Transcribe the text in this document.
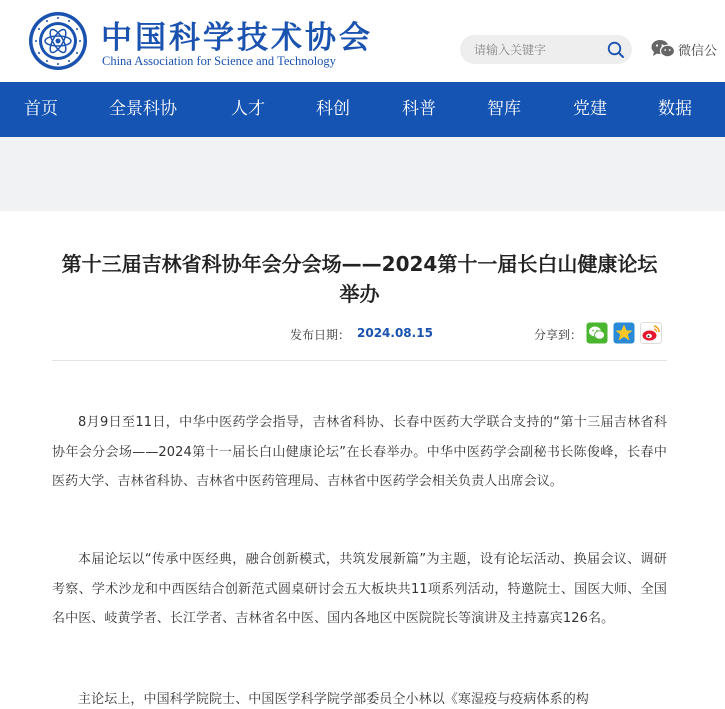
中国科学技术协会
China Association for Science and Technology
请输入关键字
微信公
首页	全景科协	人才	科创	科普	智库	党建	数据
第十三届吉林省科协年会分会场——2024第十一届长白山健康论坛举办
发布日期： 2024.08.15	分享到：

8月9日至11日，中华中医药学会指导，吉林省科协、长春中医药大学联合支持的“第十三届吉林省科协年会分会场——2024第十一届长白山健康论坛”在长春举办。中华中医药学会副秘书长陈俊峰，长春中医药大学、吉林省科协、吉林省中医药管理局、吉林省中医药学会相关负责人出席会议。

本届论坛以“传承中医经典，融合创新模式，共筑发展新篇”为主题，设有论坛活动、换届会议、调研考察、学术沙龙和中西医结合创新范式圆桌研讨会五大板块共11项系列活动，特邀院士、国医大师、全国名中医、岐黄学者、长江学者、吉林省名中医、国内各地区中医院院长等演讲及主持嘉宾126名。

主论坛上，中国科学院院士、中国医学科学院学部委员仝小林以《寒湿疫与疫病体系的构
